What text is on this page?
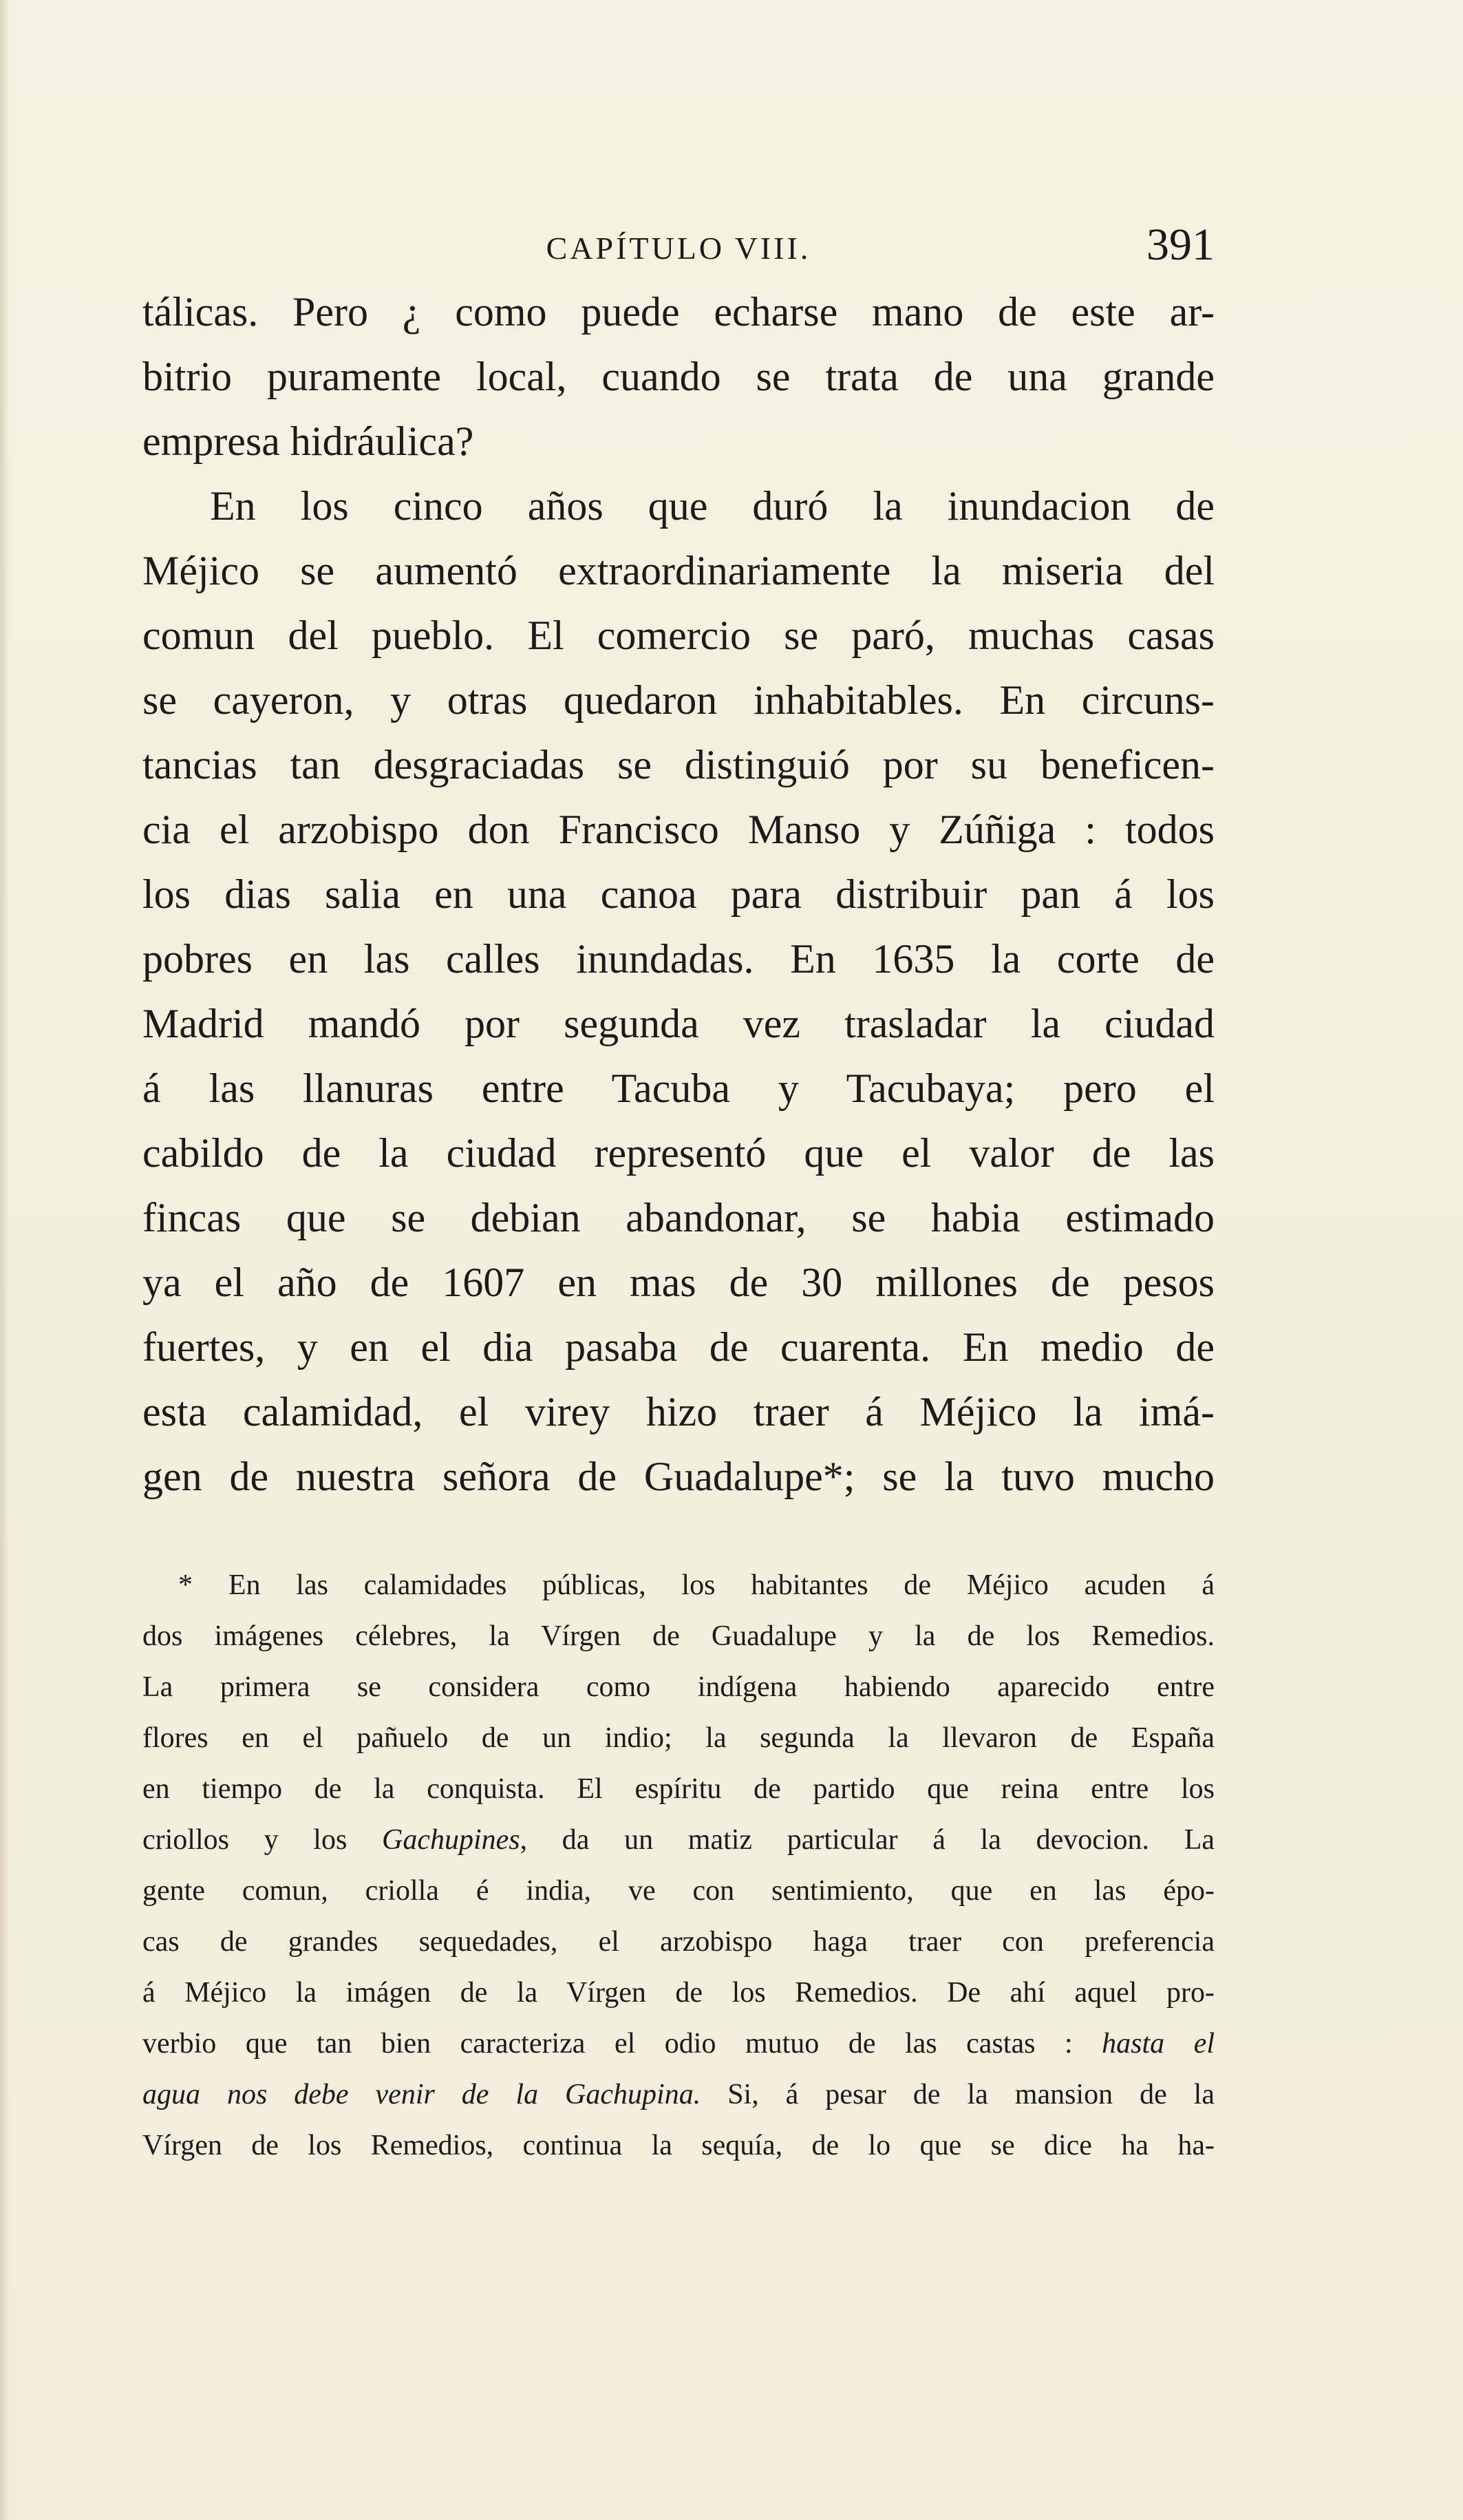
CAPÍTULO VIII.	391

tálicas. Pero ¿ como puede echarse mano de este ar-
bitrio puramente local, cuando se trata de una grande
empresa hidráulica?
En los cinco años que duró la inundacion de
Méjico se aumentó extraordinariamente la miseria del
comun del pueblo. El comercio se paró, muchas casas
se cayeron, y otras quedaron inhabitables. En circuns-
tancias tan desgraciadas se distinguió por su beneficen-
cia el arzobispo don Francisco Manso y Zúñiga : todos
los dias salia en una canoa para distribuir pan á los
pobres en las calles inundadas. En 1635 la corte de
Madrid mandó por segunda vez trasladar la ciudad
á las llanuras entre Tacuba y Tacubaya; pero el
cabildo de la ciudad representó que el valor de las
fincas que se debian abandonar, se habia estimado
ya el año de 1607 en mas de 30 millones de pesos
fuertes, y en el dia pasaba de cuarenta. En medio de
esta calamidad, el virey hizo traer á Méjico la imá-
gen de nuestra señora de Guadalupe*; se la tuvo mucho

* En las calamidades públicas, los habitantes de Méjico acuden á
dos imágenes célebres, la Vírgen de Guadalupe y la de los Remedios.
La primera se considera como indígena habiendo aparecido entre
flores en el pañuelo de un indio; la segunda la llevaron de España
en tiempo de la conquista. El espíritu de partido que reina entre los
criollos y los Gachupines, da un matiz particular á la devocion. La
gente comun, criolla é india, ve con sentimiento, que en las épo-
cas de grandes sequedades, el arzobispo haga traer con preferencia
á Méjico la imágen de la Vírgen de los Remedios. De ahí aquel pro-
verbio que tan bien caracteriza el odio mutuo de las castas : hasta el
agua nos debe venir de la Gachupina. Si, á pesar de la mansion de la
Vírgen de los Remedios, continua la sequía, de lo que se dice ha ha-
